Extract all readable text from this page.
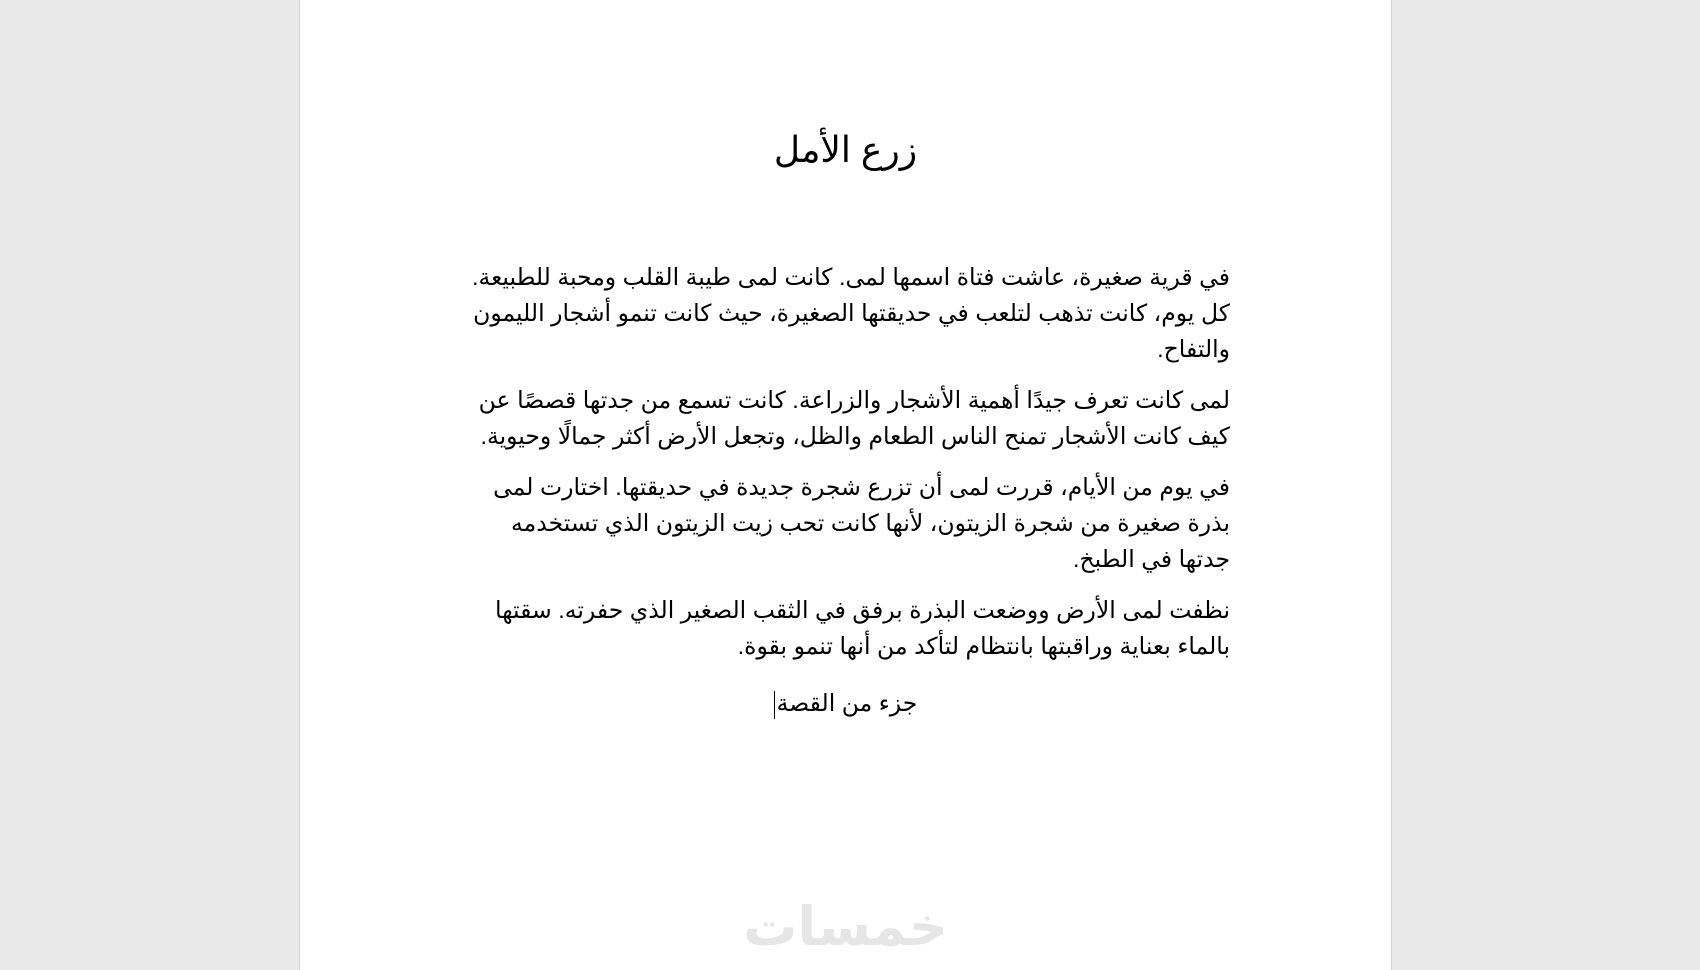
زرع الأمل

في قرية صغيرة، عاشت فتاة اسمها لمى. كانت لمى طيبة القلب ومحبة للطبيعة. كل يوم، كانت تذهب لتلعب في حديقتها الصغيرة، حيث كانت تنمو أشجار الليمون والتفاح.

لمى كانت تعرف جيدًا أهمية الأشجار والزراعة. كانت تسمع من جدتها قصصًا عن كيف كانت الأشجار تمنح الناس الطعام والظل، وتجعل الأرض أكثر جمالًا وحيوية.

في يوم من الأيام، قررت لمى أن تزرع شجرة جديدة في حديقتها. اختارت لمى بذرة صغيرة من شجرة الزيتون، لأنها كانت تحب زيت الزيتون الذي تستخدمه جدتها في الطبخ.

نظفت لمى الأرض ووضعت البذرة برفق في الثقب الصغير الذي حفرته. سقتها بالماء بعناية وراقبتها بانتظام لتأكد من أنها تنمو بقوة.

جزء من القصة
خمسات
